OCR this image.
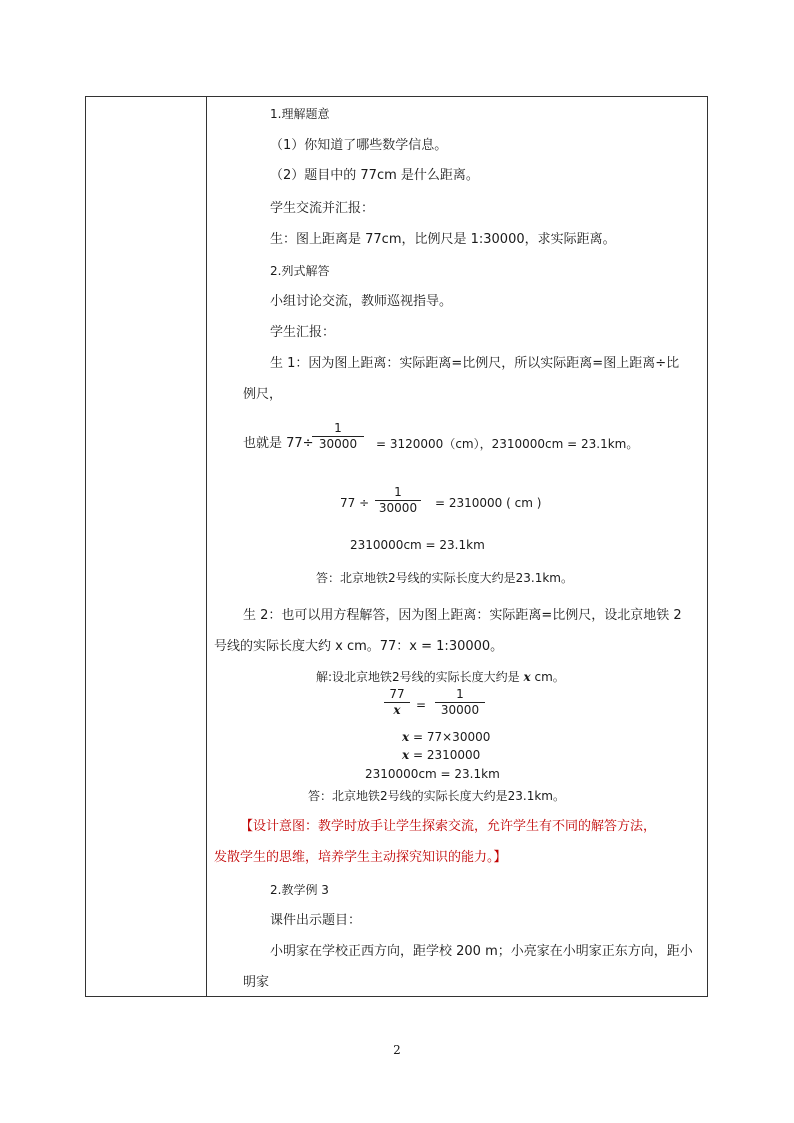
1.理解题意
（1）你知道了哪些数学信息。
（2）题目中的 77cm 是什么距离。
学生交流并汇报：
生：图上距离是 77cm，比例尺是 1:30000，求实际距离。
2.列式解答
小组讨论交流，教师巡视指导。
学生汇报：
生 1：因为图上距离：实际距离=比例尺，所以实际距离=图上距离÷比
例尺，
也就是 77÷
1
30000	= 3120000（cm），2310000cm = 23.1km。
77 ÷
1
30000	= 2310000 ( cm )
2310000cm = 23.1km
答：北京地铁2号线的实际长度大约是23.1km。
生 2：也可以用方程解答，因为图上距离：实际距离=比例尺，设北京地铁 2
号线的实际长度大约 x cm。77：x = 1:30000。
解:设北京地铁2号线的实际长度大约是 x cm。
77
x	=
1
30000
x = 77×30000
x = 2310000
2310000cm = 23.1km
答：北京地铁2号线的实际长度大约是23.1km。
【设计意图：教学时放手让学生探索交流，允许学生有不同的解答方法，
发散学生的思维，培养学生主动探究知识的能力。】
2.教学例 3
课件出示题目：
小明家在学校正西方向，距学校 200 m；小亮家在小明家正东方向，距小
明家
2
